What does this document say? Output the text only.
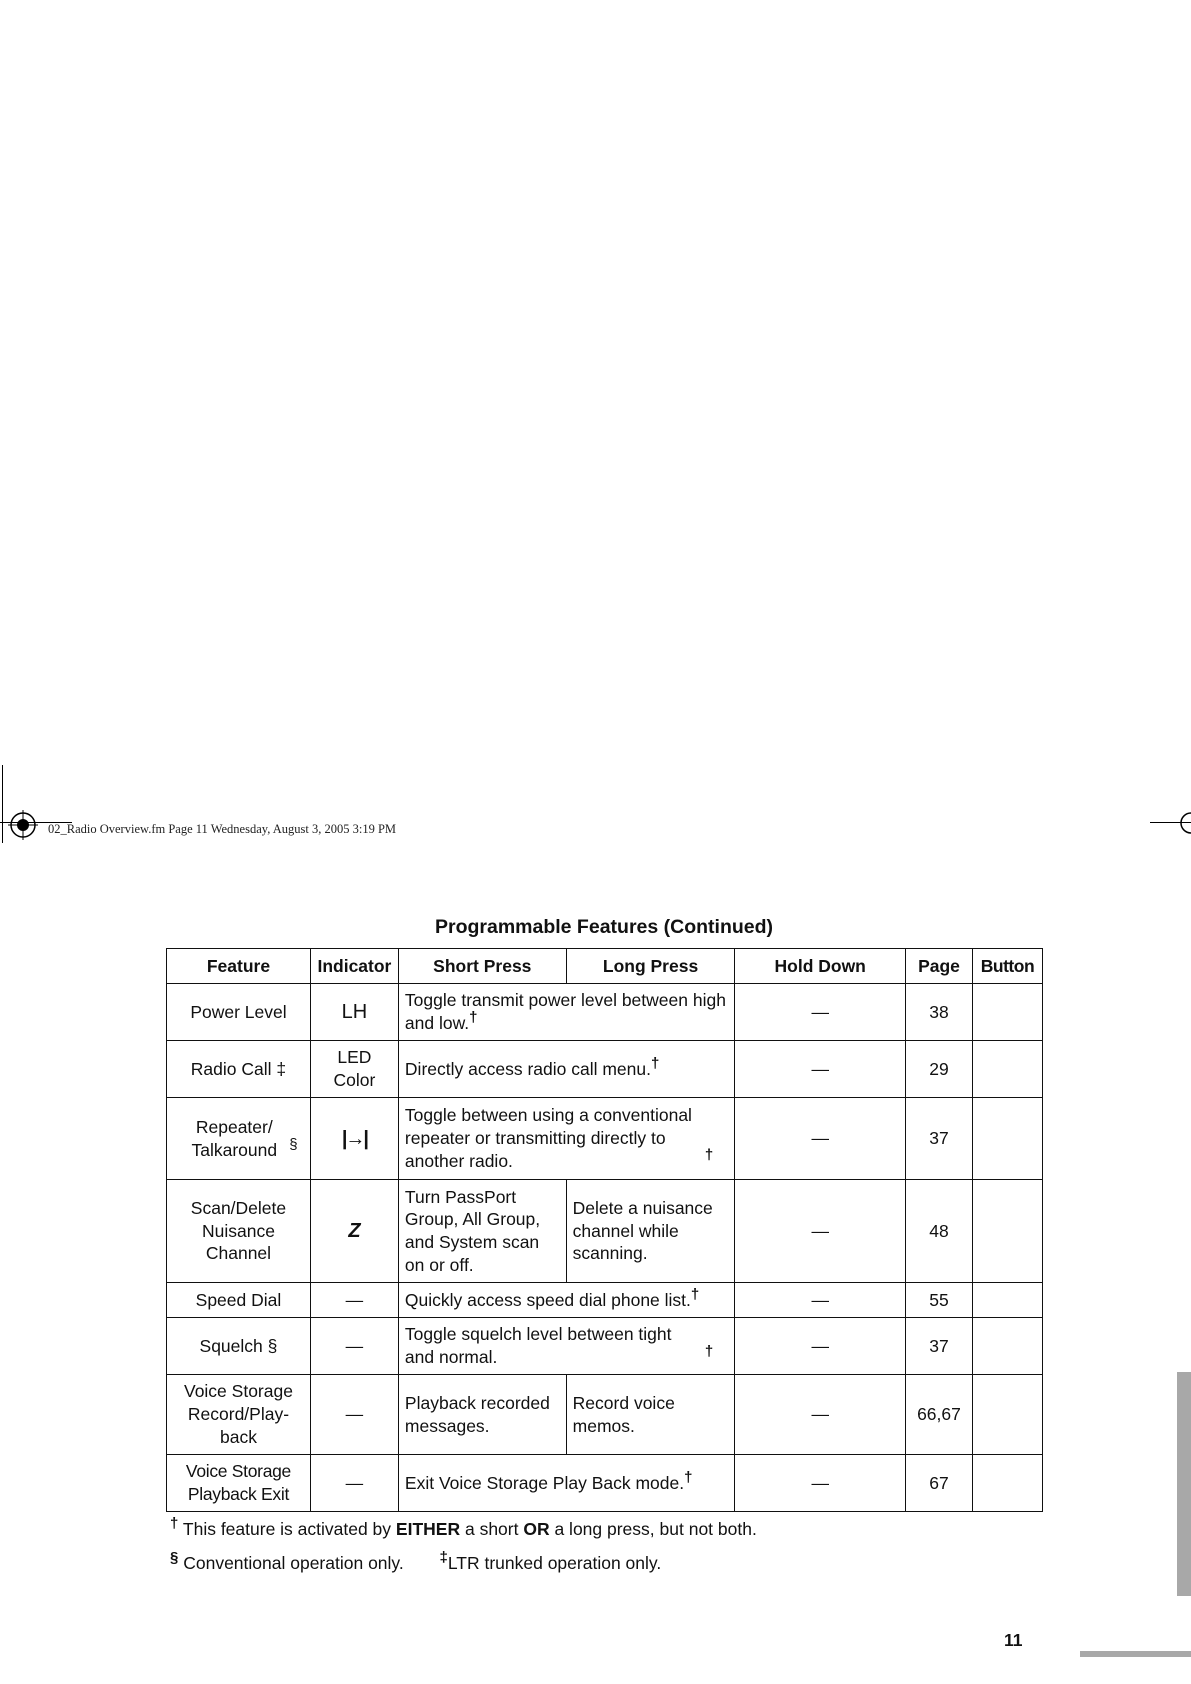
02_Radio Overview.fm Page 11 Wednesday, August 3, 2005 3:19 PM
Programmable Features (Continued)
Feature	Indicator	Short Press	Long Press	Hold Down	Page	Button
Power Level	LH	Toggle transmit power level between high and low.†		—	38	
Radio Call ‡	LED Color	Directly access radio call menu.†		—	29	
Repeater/ Talkaround §	|→|	Toggle between using a conventional repeater or transmitting directly to another radio. †		—	37	
Scan/Delete Nuisance Channel	Z	Turn PassPort Group, All Group, and System scan on or off.	Delete a nuisance channel while scanning.	—	48	
Speed Dial	—	Quickly access speed dial phone list.†		—	55	
Squelch §	—	Toggle squelch level between tight and normal. †		—	37	
Voice Storage Record/Play-back	—	Playback recorded messages.	Record voice memos.	—	66,67	
Voice Storage Playback Exit	—	Exit Voice Storage Play Back mode.†		—	67	
† This feature is activated by EITHER a short OR a long press, but not both.
§ Conventional operation only. ‡LTR trunked operation only.
11
